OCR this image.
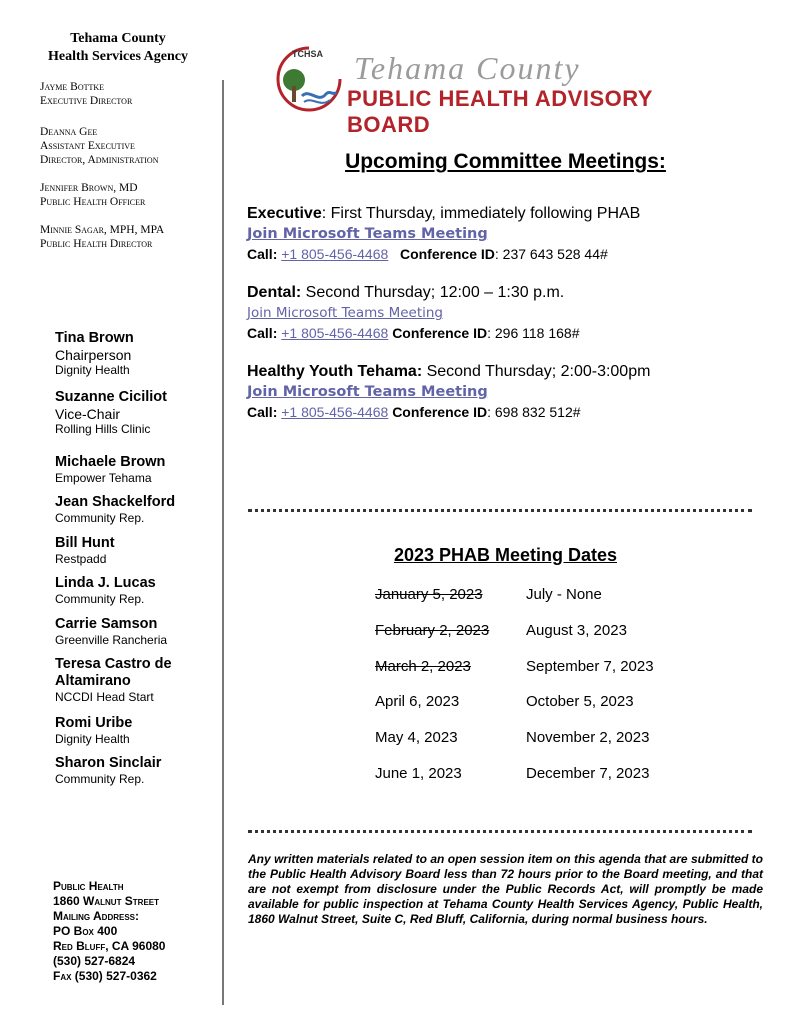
Tehama County
Health Services Agency
Jayme Bottke
Executive Director
Deanna Gee
Assistant Executive
Director, Administration
Jennifer Brown, MD
Public Health Officer
Minnie Sagar, MPH, MPA
Public Health Director
Tina Brown
Chairperson
Dignity Health
Suzanne Ciciliot
Vice-Chair
Rolling Hills Clinic
Michaele Brown
Empower Tehama
Jean Shackelford
Community Rep.
Bill Hunt
Restpadd
Linda J. Lucas
Community Rep.
Carrie Samson
Greenville Rancheria
Teresa Castro de
Altamirano
NCCDI Head Start
Romi Uribe
Dignity Health
Sharon Sinclair
Community Rep.
Public Health
1860 Walnut Street
Mailing Address:
PO Box 400
Red Bluff, CA 96080
(530) 527-6824
Fax (530) 527-0362
TCHSA Tehama County
PUBLIC HEALTH ADVISORY BOARD
Upcoming Committee Meetings:
Executive: First Thursday, immediately following PHAB
Join Microsoft Teams Meeting
Call: +1 805-456-4468 Conference ID: 237 643 528 44#
Dental: Second Thursday; 12:00 – 1:30 p.m.
Join Microsoft Teams Meeting
Call: +1 805-456-4468 Conference ID: 296 118 168#
Healthy Youth Tehama: Second Thursday; 2:00-3:00pm
Join Microsoft Teams Meeting
Call: +1 805-456-4468 Conference ID: 698 832 512#
2023 PHAB Meeting Dates
January 5, 2023
February 2, 2023
March 2, 2023
April 6, 2023
May 4, 2023
June 1, 2023
July - None
August 3, 2023
September 7, 2023
October 5, 2023
November 2, 2023
December 7, 2023
Any written materials related to an open session item on this agenda that are submitted to the Public Health Advisory Board less than 72 hours prior to the Board meeting, and that are not exempt from disclosure under the Public Records Act, will promptly be made available for public inspection at Tehama County Health Services Agency, Public Health, 1860 Walnut Street, Suite C, Red Bluff, California, during normal business hours.
